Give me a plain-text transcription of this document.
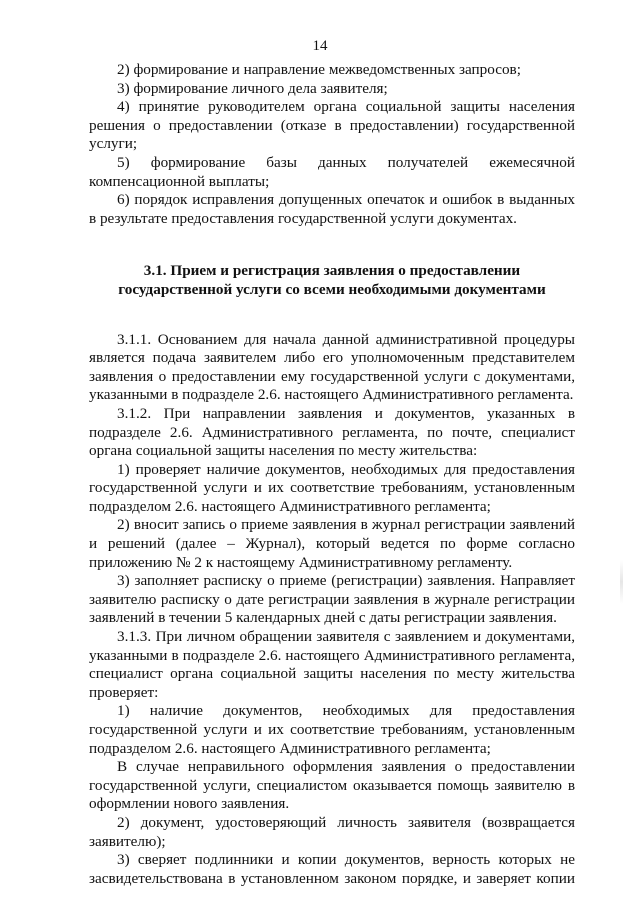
14

2) формирование и направление межведомственных запросов;

3) формирование личного дела заявителя;

4) принятие руководителем органа социальной защиты населения решения о предоставлении (отказе в предоставлении) государственной услуги;

5) формирование базы данных получателей ежемесячной компенсационной выплаты;

6) порядок исправления допущенных опечаток и ошибок в выданных в результате предоставления государственной услуги документах.

3.1. Прием и регистрация заявления о предоставлении государственной услуги со всеми необходимыми документами

3.1.1. Основанием для начала данной административной процедуры является подача заявителем либо его уполномоченным представителем заявления о предоставлении ему государственной услуги с документами, указанными в подразделе 2.6. настоящего Административного регламента.

3.1.2. При направлении заявления и документов, указанных в подразделе 2.6. Административного регламента, по почте, специалист органа социальной защиты населения по месту жительства:

1) проверяет наличие документов, необходимых для предоставления государственной услуги и их соответствие требованиям, установленным подразделом 2.6. настоящего Административного регламента;

2) вносит запись о приеме заявления в журнал регистрации заявлений и решений (далее – Журнал), который ведется по форме согласно приложению № 2 к настоящему Административному регламенту.

3) заполняет расписку о приеме (регистрации) заявления. Направляет заявителю расписку о дате регистрации заявления в журнале регистрации заявлений в течении 5 календарных дней с даты регистрации заявления.

3.1.3. При личном обращении заявителя с заявлением и документами, указанными в подразделе 2.6. настоящего Административного регламента, специалист органа социальной защиты населения по месту жительства проверяет:

1) наличие документов, необходимых для предоставления государственной услуги и их соответствие требованиям, установленным подразделом 2.6. настоящего Административного регламента;

В случае неправильного оформления заявления о предоставлении государственной услуги, специалистом оказывается помощь заявителю в оформлении нового заявления.

2) документ, удостоверяющий личность заявителя (возвращается заявителю);

3) сверяет подлинники и копии документов, верность которых не засвидетельствована в установленном законом порядке, и заверяет копии
